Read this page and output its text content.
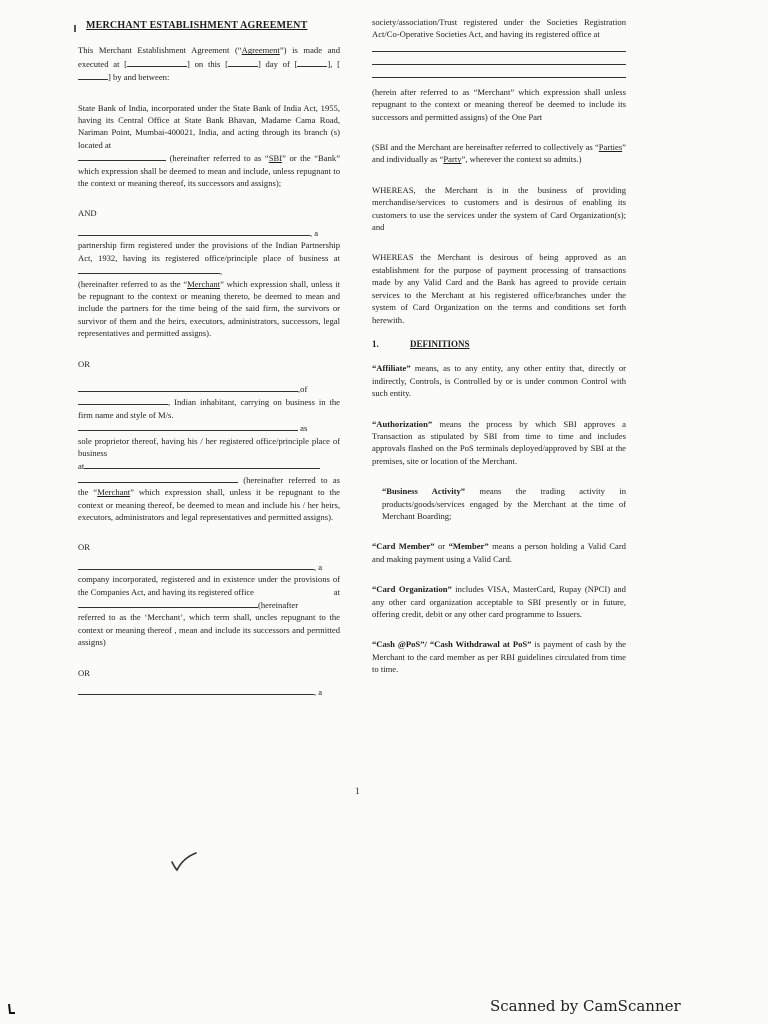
MERCHANT ESTABLISHMENT AGREEMENT

This Merchant Establishment Agreement (“Agreement”) is made and executed at [	] on this [	] day of [	], [] by and between:

State Bank of India, incorporated under the State Bank of India Act, 1955, having its Central Office at State Bank Bhavan, Madame Cama Road, Nariman Point, Mumbai-400021, India, and acting through its branch (s) located at
(hereinafter referred to as “SBI” or the “Bank” which expression shall be deemed to mean and include, unless repugnant to the context or meaning thereof, its successors and assigns);

AND

, a
partnership firm registered under the provisions of the Indian Partnership Act, 1932, having its registered office/principle place of business at ,
(hereinafter referred to as the “Merchant” which expression shall, unless it be repugnant to the context or meaning thereto, be deemed to mean and include the partners for the time being of the said firm, the survivors or survivor of them and the heirs, executors, administrators, successors, legal representatives and permitted assigns).

OR

,of
, Indian inhabitant, carrying on business in the firm name and style of M/s.
as
sole proprietor thereof, having his / her registered office/principle place of business
at
(hereinafter referred to as the “Merchant” which expression shall, unless it be repugnant to the context or meaning thereof, be deemed to mean and include his / her heirs, executors, administrators and legal representatives and permitted assigns).

OR

, a
company incorporated, registered and in existence under the provisions of the Companies Act, and having its registered office	at

(hereinafter
referred to as the ‘Merchant’, which term shall, uncles repugnant to the context or meaning thereof , mean and include its successors and permitted assigns)

OR

, a

society/association/Trust registered under the Societies Registration Act/Co-Operative Societies Act, and having its registered office at

(herein after referred to as “Merchant” which expression shall unless repugnant to the context or meaning thereof be deemed to include its successors and permitted assigns) of the One Part

(SBI and the Merchant are hereinafter referred to collectively as “Parties” and individually as “Party”, wherever the context so admits.)

WHEREAS, the Merchant is in the business of providing merchandise/services to customers and is desirous of enabling its customers to use the services under the system of Card Organization(s); and

WHEREAS the Merchant is desirous of being approved as an establishment for the purpose of payment processing of transactions made by any Valid Card and the Bank has agreed to provide certain services to the Merchant at his registered office/branches under the system of Card Organization on the terms and conditions set forth herewith.

1.	DEFINITIONS

“Affiliate” means, as to any entity, any other entity that, directly or indirectly, Controls, is Controlled by or is under common Control with such entity.

“Authorization” means the process by which SBI approves a Transaction as stipulated by SBI from time to time and includes approvals flashed on the PoS terminals deployed/approved by SBI at the premises, site or location of the Merchant.

“Business Activity” means the trading activity in products/goods/services engaged by the Merchant at the time of Merchant Boarding;

“Card Member” or “Member” means a person holding a Valid Card and making payment using a Valid Card.

“Card Organization” includes VISA, MasterCard, Rupay (NPCI) and any other card organization acceptable to SBI presently or in future, offering credit, debit or any other card programme to Issuers.

“Cash @PoS”/ “Cash Withdrawal at PoS” is payment of cash by the Merchant to the card member as per RBI guidelines circulated from time to time.

1
Scanned by CamScanner
